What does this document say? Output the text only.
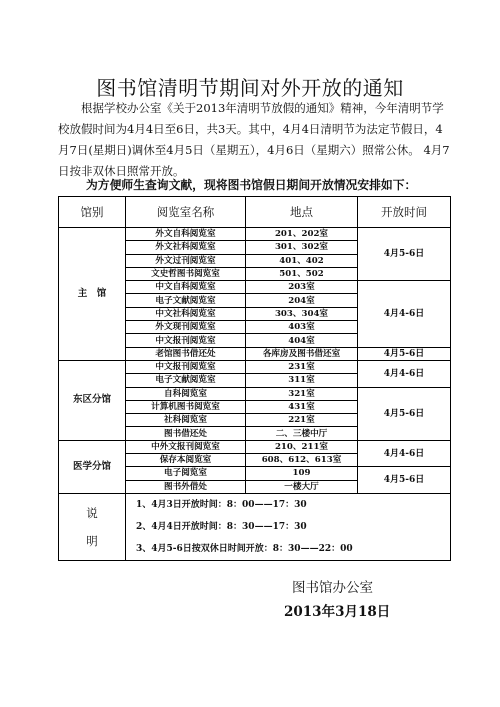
图书馆清明节期间对外开放的通知
根据学校办公室《关于2013年清明节放假的通知》精神，今年清明节学校放假时间为4月4日至6日，共3天。其中，4月4日清明节为法定节假日，4月7日(星期日)调休至4月5日（星期五），4月6日（星期六）照常公休。 4月7日按非双休日照常开放。
为方便师生查询文献，现将图书馆假日期间开放情况安排如下：
馆别	阅览室名称	地点	开放时间
主　馆	外文自科阅览室	201、202室	4月5-6日
	外文社科阅览室	301、302室	
	外文过刊阅览室	401、402	
	文史哲图书阅览室	501、502	
	中文自科阅览室	203室	4月4-6日
	电子文献阅览室	204室	
	中文社科阅览室	303、304室	
	外文现刊阅览室	403室	
	中文报刊阅览室	404室	
	老馆图书借还处	各库房及图书借还室	4月5-6日
东区分馆	中文报刊阅览室	231室	4月4-6日
	电子文献阅览室	311室	
	自科阅览室	321室	4月5-6日
	计算机图书阅览室	431室	
	社科阅览室	221室	
	图书借还处	二、三楼中厅	
医学分馆	中外文报刊阅览室	210、211室	4月4-6日
	保存本阅览室	608、612、613室	
	电子阅览室	109	4月5-6日
	图书外借处	一楼大厅	
说　　明	1、4月3日开放时间：8：00——17：30
2、4月4日开放时间：8：30——17：30
3、4月5-6日按双休日时间开放：8：30——22：00		
图书馆办公室
2013年3月18日
